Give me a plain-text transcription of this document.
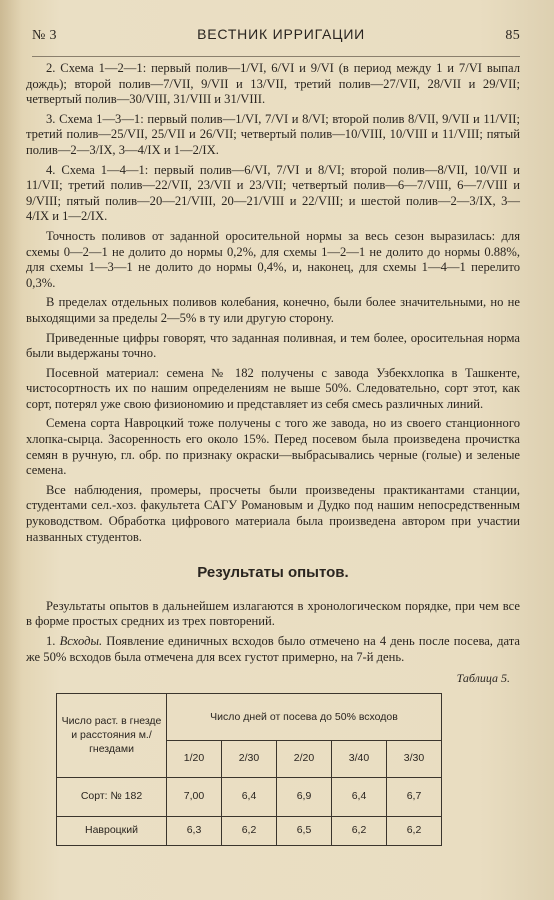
№ 3	ВЕСТНИК ИРРИГАЦИИ	85

2. Схема 1—2—1: первый полив—1/VI, 6/VI и 9/VI (в период между 1 и 7/VI выпал дождь); второй полив—7/VII, 9/VII и 13/VII, третий полив—27/VII, 28/VII и 29/VII; четвертый полив—30/VIII, 31/VIII и 31/VIII.

3. Схема 1—3—1: первый полив—1/VI, 7/VI и 8/VI; второй полив 8/VII, 9/VII и 11/VII; третий полив—25/VII, 25/VII и 26/VII; четвертый полив—10/VIII, 10/VIII и 11/VIII; пятый полив—2—3/IX, 3—4/IX и 1—2/IX.

4. Схема 1—4—1: первый полив—6/VI, 7/VI и 8/VI; второй полив—8/VII, 10/VII и 11/VII; третий полив—22/VII, 23/VII и 23/VII; четвертый полив—6—7/VIII, 6—7/VIII и 9/VIII; пятый полив—20—21/VIII, 20—21/VIII и 22/VIII; и шестой полив—2—3/IX, 3—4/IX и 1—2/IX.

Точность поливов от заданной оросительной нормы за весь сезон выразилась: для схемы 0—2—1 не долито до нормы 0,2%, для схемы 1—2—1 не долито до нормы 0.88%, для схемы 1—3—1 не долито до нормы 0,4%, и, наконец, для схемы 1—4—1 перелито 0,3%.

В пределах отдельных поливов колебания, конечно, были более значительными, но не выходящими за пределы 2—5% в ту или другую сторону.

Приведенные цифры говорят, что заданная поливная, и тем более, оросительная норма были выдержаны точно.

Посевной материал: семена № 182 получены с завода Узбекхлопка в Ташкенте, чистосортность их по нашим определениям не выше 50%. Следовательно, сорт этот, как сорт, потерял уже свою физиономию и представляет из себя смесь различных линий.

Семена сорта Навроцкий тоже получены с того же завода, но из своего станционного хлопка-сырца. Засоренность его около 15%. Перед посевом была произведена прочистка семян в ручную, гл. обр. по признаку окраски—выбрасывались черные (голые) и зеленые семена.

Все наблюдения, промеры, просчеты были произведены практикантами станции, студентами сел.-хоз. факультета САГУ Романовым и Дудко под нашим непосредственным руководством. Обработка цифрового материала была произведена автором при участии названных студентов.

Результаты опытов.

Результаты опытов в дальнейшем излагаются в хронологическом порядке, при чем все в форме простых средних из трех повторений.

1. Всходы. Появление единичных всходов было отмечено на 4 день после посева, дата же 50% всходов была отмечена для всех густот примерно, на 7-й день.

Таблица 5.
Число раст. в гнезде и расстояния м./гнездами	Число дней от посева до 50% всходов				
	1/20	2/30	2/20	3/40	3/30
Сорт: № 182	7,00	6,4	6,9	6,4	6,7
Навроцкий	6,3	6,2	6,5	6,2	6,2
